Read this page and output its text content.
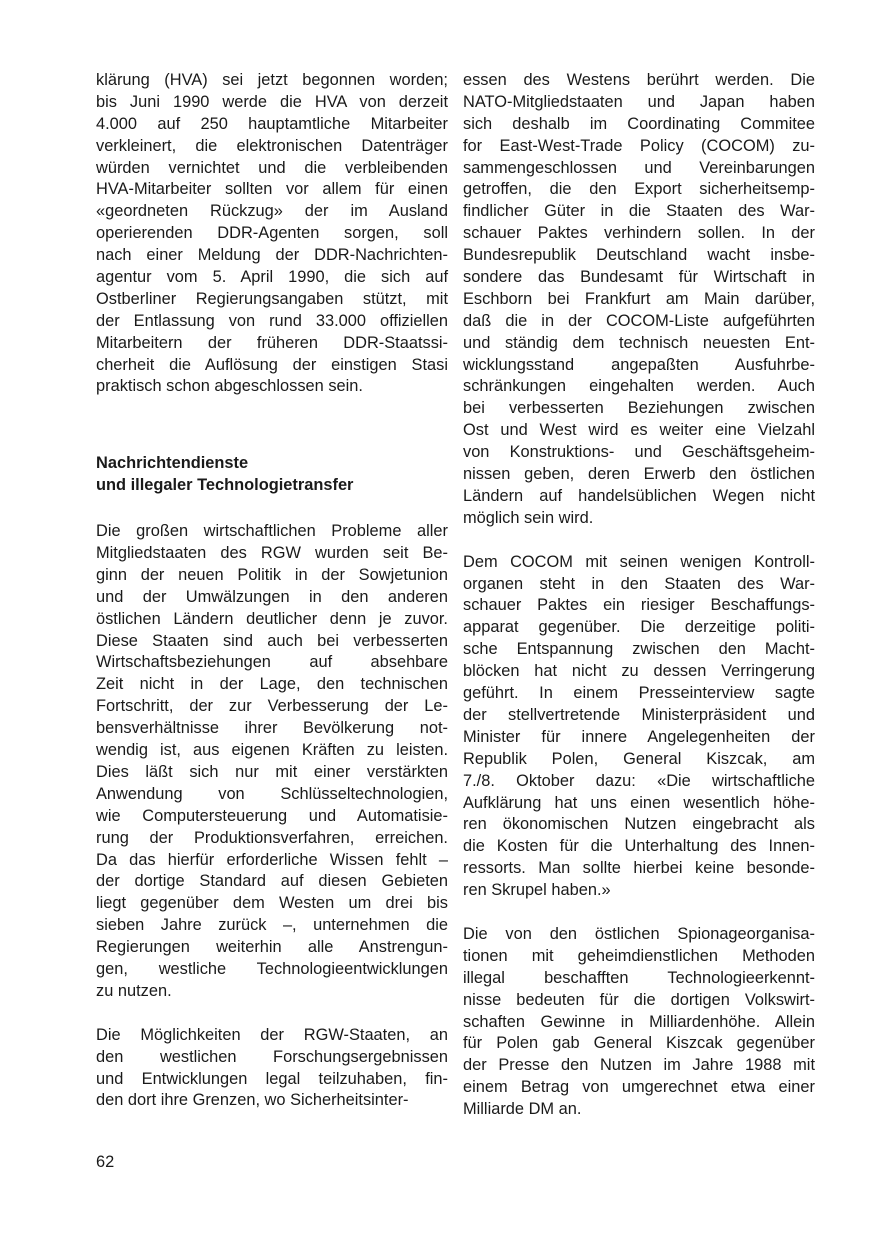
klärung (HVA) sei jetzt begonnen worden;
bis Juni 1990 werde die HVA von derzeit
4.000 auf 250 hauptamtliche Mitarbeiter
verkleinert, die elektronischen Datenträger
würden vernichtet und die verbleibenden
HVA-Mitarbeiter sollten vor allem für einen
«geordneten Rückzug» der im Ausland
operierenden DDR-Agenten sorgen, soll
nach einer Meldung der DDR-Nachrichten-
agentur vom 5. April 1990, die sich auf
Ostberliner Regierungsangaben stützt, mit
der Entlassung von rund 33.000 offiziellen
Mitarbeitern der früheren DDR-Staatssi-
cherheit die Auflösung der einstigen Stasi
praktisch schon abgeschlossen sein.
Nachrichtendienste
und illegaler Technologietransfer
Die großen wirtschaftlichen Probleme aller
Mitgliedstaaten des RGW wurden seit Be-
ginn der neuen Politik in der Sowjetunion
und der Umwälzungen in den anderen
östlichen Ländern deutlicher denn je zuvor.
Diese Staaten sind auch bei verbesserten
Wirtschaftsbeziehungen auf absehbare
Zeit nicht in der Lage, den technischen
Fortschritt, der zur Verbesserung der Le-
bensverhältnisse ihrer Bevölkerung not-
wendig ist, aus eigenen Kräften zu leisten.
Dies läßt sich nur mit einer verstärkten
Anwendung von Schlüsseltechnologien,
wie Computersteuerung und Automatisie-
rung der Produktionsverfahren, erreichen.
Da das hierfür erforderliche Wissen fehlt –
der dortige Standard auf diesen Gebieten
liegt gegenüber dem Westen um drei bis
sieben Jahre zurück –, unternehmen die
Regierungen weiterhin alle Anstrengun-
gen, westliche Technologieentwicklungen
zu nutzen.
Die Möglichkeiten der RGW-Staaten, an
den westlichen Forschungsergebnissen
und Entwicklungen legal teilzuhaben, fin-
den dort ihre Grenzen, wo Sicherheitsinter-
essen des Westens berührt werden. Die
NATO-Mitgliedstaaten und Japan haben
sich deshalb im Coordinating Commitee
for East-West-Trade Policy (COCOM) zu-
sammengeschlossen und Vereinbarungen
getroffen, die den Export sicherheitsemp-
findlicher Güter in die Staaten des War-
schauer Paktes verhindern sollen. In der
Bundesrepublik Deutschland wacht insbe-
sondere das Bundesamt für Wirtschaft in
Eschborn bei Frankfurt am Main darüber,
daß die in der COCOM-Liste aufgeführten
und ständig dem technisch neuesten Ent-
wicklungsstand angepaßten Ausfuhrbe-
schränkungen eingehalten werden. Auch
bei verbesserten Beziehungen zwischen
Ost und West wird es weiter eine Vielzahl
von Konstruktions- und Geschäftsgeheim-
nissen geben, deren Erwerb den östlichen
Ländern auf handelsüblichen Wegen nicht
möglich sein wird.
Dem COCOM mit seinen wenigen Kontroll-
organen steht in den Staaten des War-
schauer Paktes ein riesiger Beschaffungs-
apparat gegenüber. Die derzeitige politi-
sche Entspannung zwischen den Macht-
blöcken hat nicht zu dessen Verringerung
geführt. In einem Presseinterview sagte
der stellvertretende Ministerpräsident und
Minister für innere Angelegenheiten der
Republik Polen, General Kiszcak, am
7./8. Oktober dazu: «Die wirtschaftliche
Aufklärung hat uns einen wesentlich höhe-
ren ökonomischen Nutzen eingebracht als
die Kosten für die Unterhaltung des Innen-
ressorts. Man sollte hierbei keine besonde-
ren Skrupel haben.»
Die von den östlichen Spionageorganisa-
tionen mit geheimdienstlichen Methoden
illegal beschafften Technologieerkennt-
nisse bedeuten für die dortigen Volkswirt-
schaften Gewinne in Milliardenhöhe. Allein
für Polen gab General Kiszcak gegenüber
der Presse den Nutzen im Jahre 1988 mit
einem Betrag von umgerechnet etwa einer
Milliarde DM an.
62
